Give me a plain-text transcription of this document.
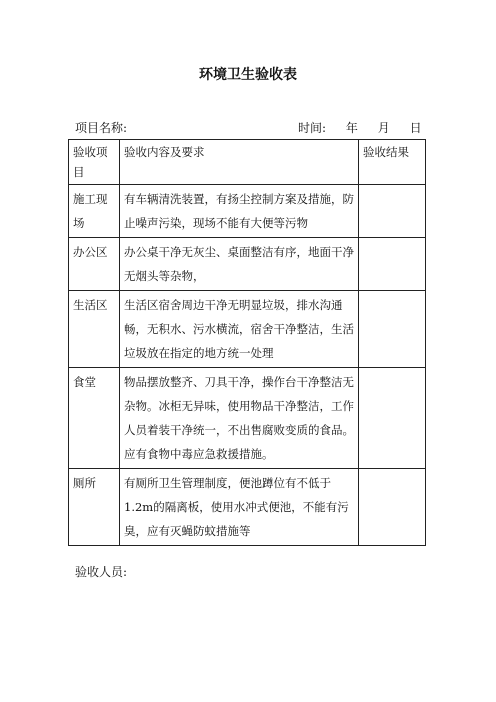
环境卫生验收表
项目名称:	时间: 年 月 日
验收项目	验收内容及要求	验收结果
施工现场	有车辆清洗装置，有扬尘控制方案及措施，防止噪声污染，现场不能有大便等污物	
办公区	办公桌干净无灰尘、桌面整洁有序，地面干净无烟头等杂物，	
生活区	生活区宿舍周边干净无明显垃圾，排水沟通畅，无积水、污水横流，宿舍干净整洁，生活垃圾放在指定的地方统一处理	
食堂	物品摆放整齐、刀具干净，操作台干净整洁无杂物。冰柜无异味，使用物品干净整洁，工作人员着装干净统一，不出售腐败变质的食品。应有食物中毒应急救援措施。	
厕所	有厕所卫生管理制度，便池蹲位有不低于1.2m的隔离板，使用水冲式便池，不能有污臭，应有灭蝇防蚊措施等	
验收人员:
